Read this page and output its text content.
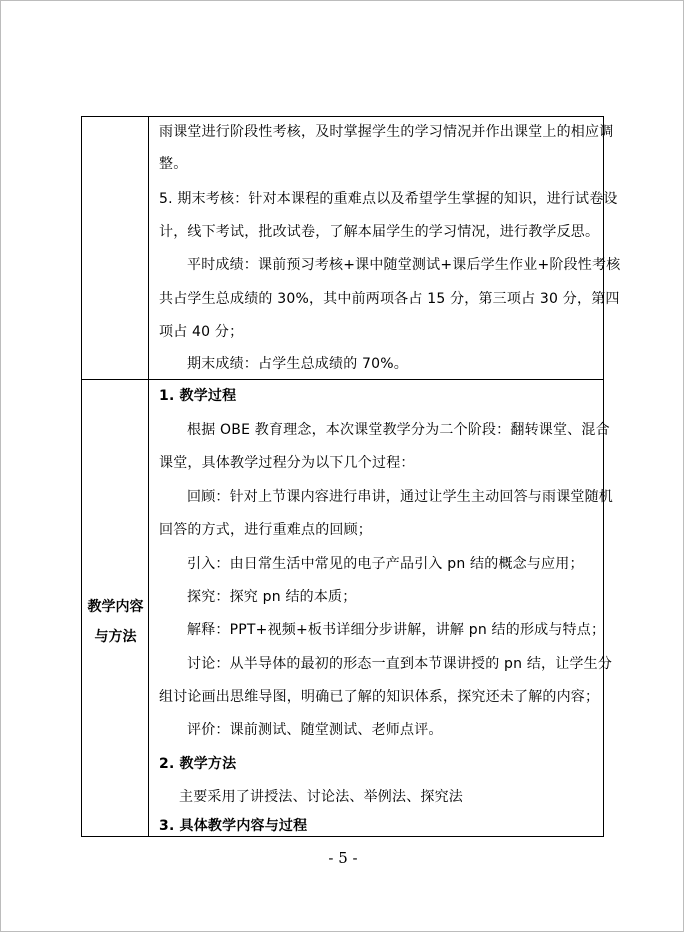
雨课堂进行阶段性考核，及时掌握学生的学习情况并作出课堂上的相应调
整。
5. 期末考核：针对本课程的重难点以及希望学生掌握的知识，进行试卷设
计，线下考试，批改试卷，了解本届学生的学习情况，进行教学反思。
平时成绩：课前预习考核+课中随堂测试+课后学生作业+阶段性考核
共占学生总成绩的 30%，其中前两项各占 15 分，第三项占 30 分，第四
项占 40 分；
期末成绩：占学生总成绩的 70%。
教学内容
与方法
1. 教学过程
根据 OBE 教育理念，本次课堂教学分为二个阶段：翻转课堂、混合
课堂，具体教学过程分为以下几个过程：
回顾：针对上节课内容进行串讲，通过让学生主动回答与雨课堂随机
回答的方式，进行重难点的回顾；
引入：由日常生活中常见的电子产品引入 pn 结的概念与应用；
探究：探究 pn 结的本质；
解释：PPT+视频+板书详细分步讲解，讲解 pn 结的形成与特点；
讨论：从半导体的最初的形态一直到本节课讲授的 pn 结，让学生分
组讨论画出思维导图，明确已了解的知识体系，探究还未了解的内容；
评价：课前测试、随堂测试、老师点评。
2. 教学方法
主要采用了讲授法、讨论法、举例法、探究法
3. 具体教学内容与过程
- 5 -
